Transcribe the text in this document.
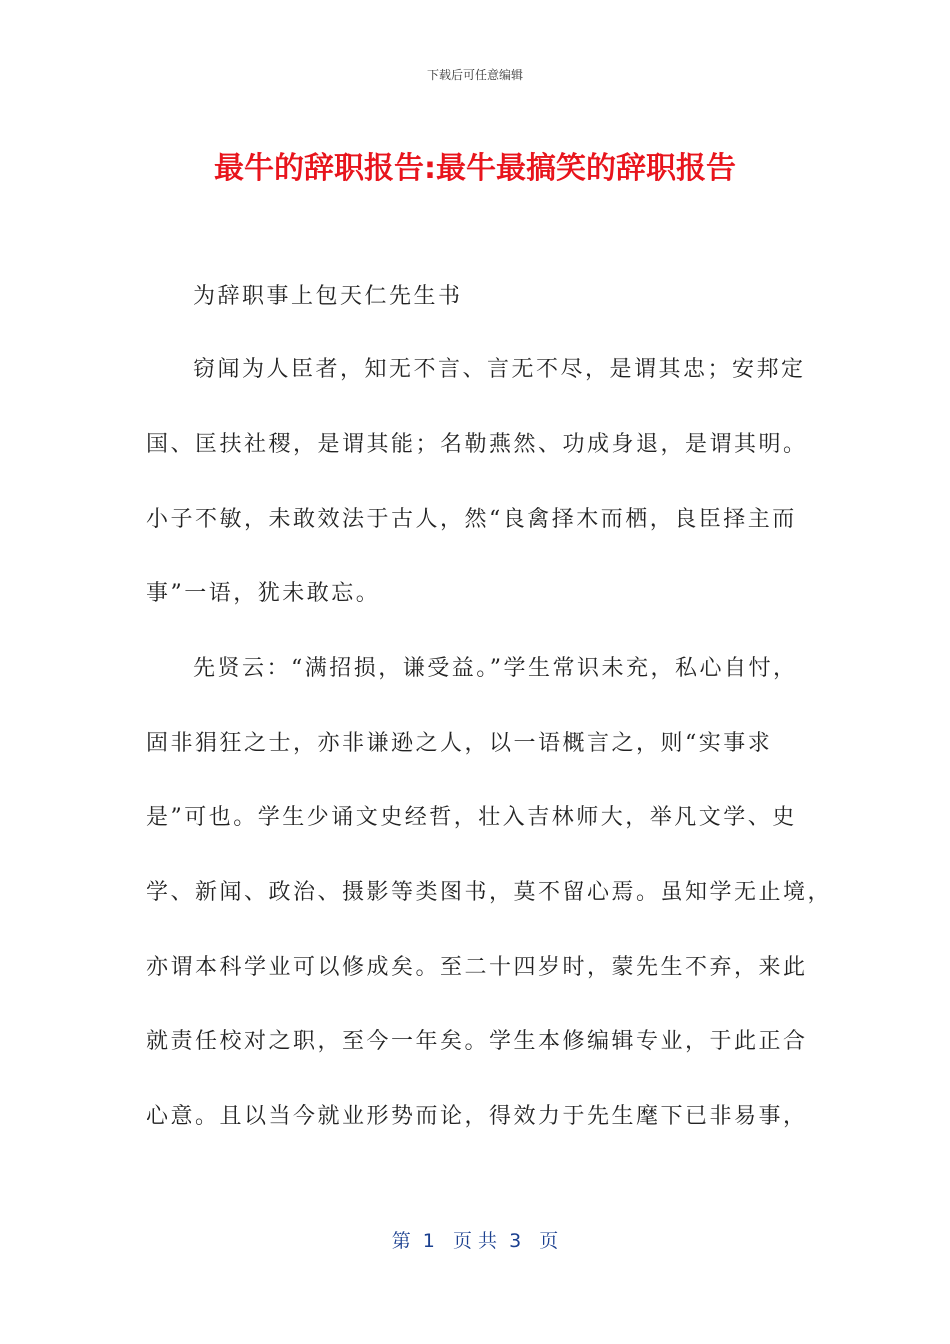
下载后可任意编辑
最牛的辞职报告:最牛最搞笑的辞职报告
为辞职事上包天仁先生书
窃闻为人臣者，知无不言、言无不尽，是谓其忠；安邦定
国、匡扶社稷，是谓其能；名勒燕然、功成身退，是谓其明。
小子不敏，未敢效法于古人，然“良禽择木而栖，良臣择主而
事”一语，犹未敢忘。
先贤云：“满招损，谦受益。”学生常识未充，私心自忖，
固非狷狂之士，亦非谦逊之人，以一语概言之，则“实事求
是”可也。学生少诵文史经哲，壮入吉林师大，举凡文学、史
学、新闻、政治、摄影等类图书，莫不留心焉。虽知学无止境，
亦谓本科学业可以修成矣。至二十四岁时，蒙先生不弃，来此
就责任校对之职，至今一年矣。学生本修编辑专业，于此正合
心意。且以当今就业形势而论，得效力于先生麾下已非易事，
第  1   页 共  3   页
